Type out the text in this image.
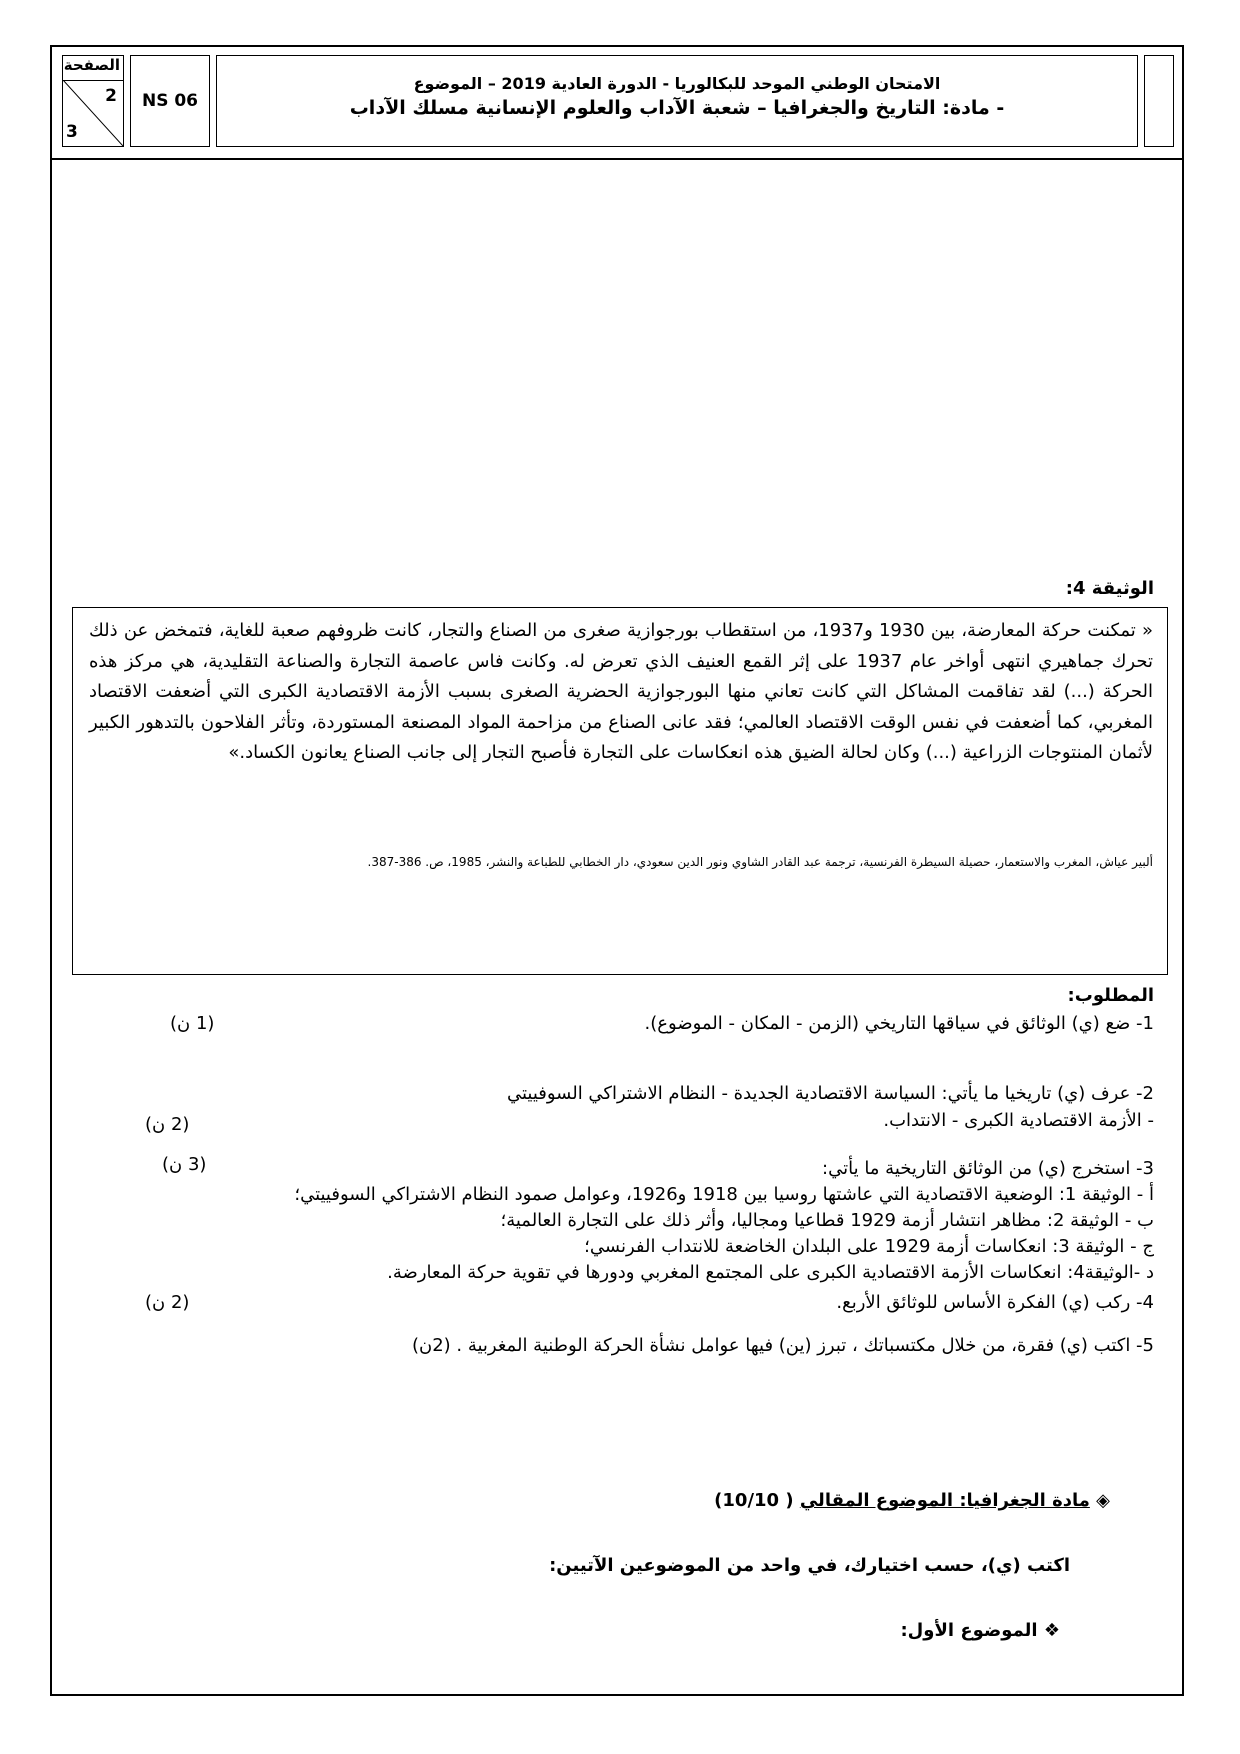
الصفحة
2
3
NS 06
الامتحان الوطني الموحد للبكالوريا - الدورة العادية 2019 – الموضوع
- مادة: التاريخ والجغرافيا – شعبة الآداب والعلوم الإنسانية مسلك الآداب
الوثيقة 4:
« تمكنت حركة المعارضة، بين 1930 و1937، من استقطاب بورجوازية صغرى من الصناع والتجار، كانت ظروفهم صعبة للغاية، فتمخض عن ذلك تحرك جماهيري انتهى أواخر عام 1937 على إثر القمع العنيف الذي تعرض له. وكانت فاس عاصمة التجارة والصناعة التقليدية، هي مركز هذه الحركة (...) لقد تفاقمت المشاكل التي كانت تعاني منها البورجوازية الحضرية الصغرى بسبب الأزمة الاقتصادية الكبرى التي أضعفت الاقتصاد المغربي، كما أضعفت في نفس الوقت الاقتصاد العالمي؛ فقد عانى الصناع من مزاحمة المواد المصنعة المستوردة، وتأثر الفلاحون بالتدهور الكبير لأثمان المنتوجات الزراعية (...) وكان لحالة الضيق هذه انعكاسات على التجارة فأصبح التجار إلى جانب الصناع يعانون الكساد.»
ألبير عياش، المغرب والاستعمار، حصيلة السيطرة الفرنسية، ترجمة عبد القادر الشاوي ونور الدين سعودي، دار الخطابي للطباعة والنشر، 1985، ص. 386-387.
المطلوب:
1- ضع (ي) الوثائق في سياقها التاريخي (الزمن - المكان - الموضوع).
(1 ن)
2- عرف (ي) تاريخيا ما يأتي: السياسة الاقتصادية الجديدة - النظام الاشتراكي السوفييتي
- الأزمة الاقتصادية الكبرى - الانتداب.
(2 ن)
3- استخرج (ي) من الوثائق التاريخية ما يأتي:
(3 ن)
أ - الوثيقة 1: الوضعية الاقتصادية التي عاشتها روسيا بين 1918 و1926، وعوامل صمود النظام الاشتراكي السوفييتي؛
ب - الوثيقة 2: مظاهر انتشار أزمة 1929 قطاعيا ومجاليا، وأثر ذلك على التجارة العالمية؛
ج - الوثيقة 3: انعكاسات أزمة 1929 على البلدان الخاضعة للانتداب الفرنسي؛
د -الوثيقة4: انعكاسات الأزمة الاقتصادية الكبرى على المجتمع المغربي ودورها في تقوية حركة المعارضة.
4- ركب (ي) الفكرة الأساس للوثائق الأربع.
(2 ن)
5- اكتب (ي) فقرة، من خلال مكتسباتك ، تبرز (ين) فيها عوامل نشأة الحركة الوطنية المغربية . (2ن)
◈ مادة الجغرافيا: الموضوع المقالي ( 10/10)
اكتب (ي)، حسب اختيارك، في واحد من الموضوعين الآتيين:
❖ الموضوع الأول:
